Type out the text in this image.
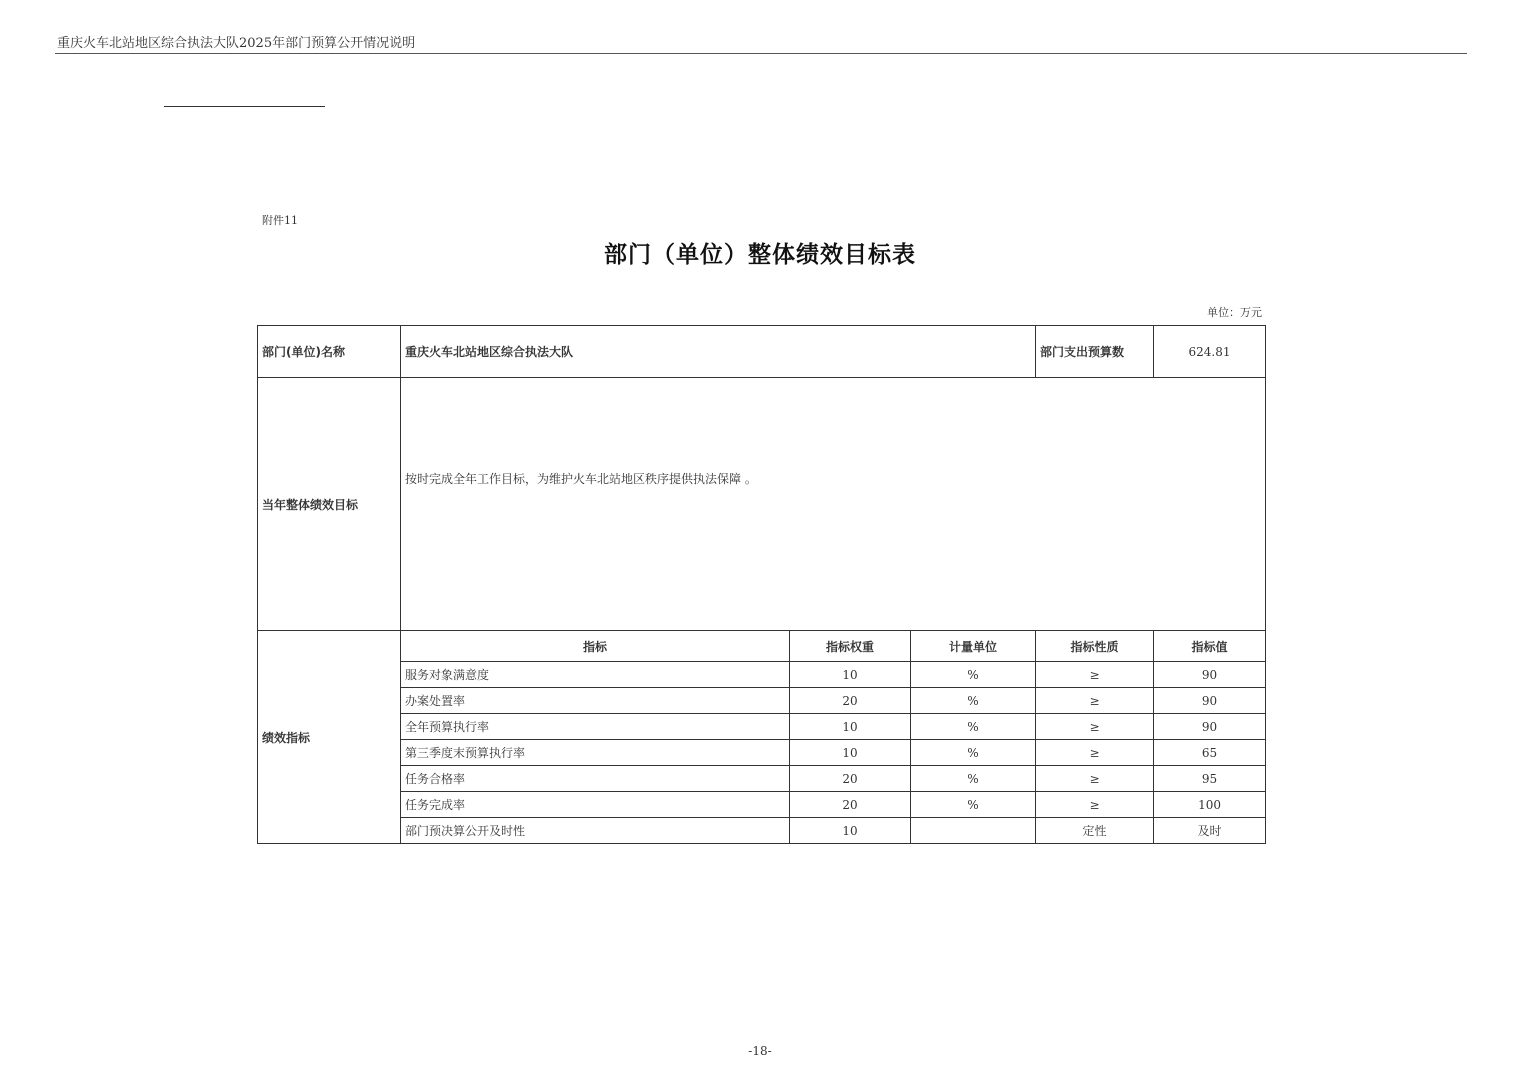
重庆火车北站地区综合执法大队2025年部门预算公开情况说明
附件11
部门（单位）整体绩效目标表
单位：万元
部门(单位)名称	重庆火车北站地区综合执法大队			部门支出预算数	624.81
当年整体绩效目标	按时完成全年工作目标，为维护火车北站地区秩序提供执法保障 。				

绩效指标	指标	指标权重	计量单位	指标性质	指标值
	服务对象满意度	10	%	≥	90
	办案处置率	20	%	≥	90
	全年预算执行率	10	%	≥	90
	第三季度末预算执行率	10	%	≥	65
	任务合格率	20	%	≥	95
	任务完成率	20	%	≥	100
	部门预决算公开及时性	10		定性	及时
-18-
